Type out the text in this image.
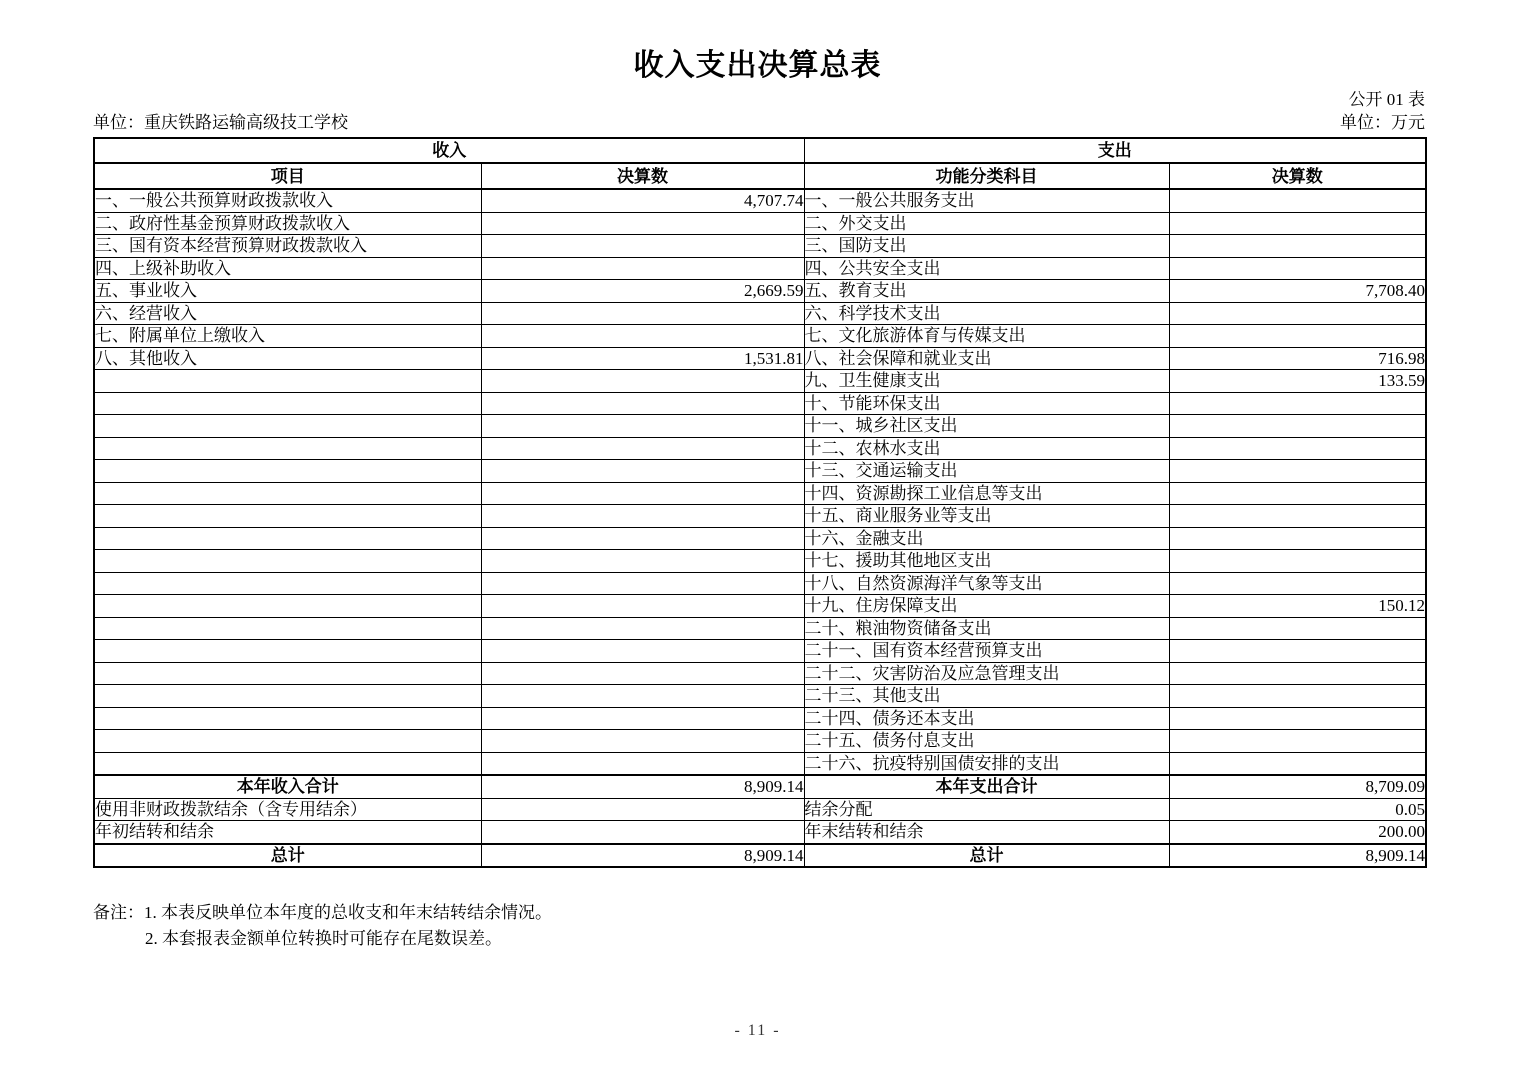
收入支出决算总表
公开 01 表
单位：重庆铁路运输高级技工学校	单位：万元
收入		支出	
项目	决算数	功能分类科目	决算数
一、一般公共预算财政拨款收入	4,707.74	一、一般公共服务支出	
二、政府性基金预算财政拨款收入		二、外交支出	
三、国有资本经营预算财政拨款收入		三、国防支出	
四、上级补助收入		四、公共安全支出	
五、事业收入	2,669.59	五、教育支出	7,708.40
六、经营收入		六、科学技术支出	
七、附属单位上缴收入		七、文化旅游体育与传媒支出	
八、其他收入	1,531.81	八、社会保障和就业支出	716.98
		九、卫生健康支出	133.59
		十、节能环保支出	
		十一、城乡社区支出	
		十二、农林水支出	
		十三、交通运输支出	
		十四、资源勘探工业信息等支出	
		十五、商业服务业等支出	
		十六、金融支出	
		十七、援助其他地区支出	
		十八、自然资源海洋气象等支出	
		十九、住房保障支出	150.12
		二十、粮油物资储备支出	
		二十一、国有资本经营预算支出	
		二十二、灾害防治及应急管理支出	
		二十三、其他支出	
		二十四、债务还本支出	
		二十五、债务付息支出	
		二十六、抗疫特别国债安排的支出	
本年收入合计	8,909.14	本年支出合计	8,709.09
使用非财政拨款结余（含专用结余）		结余分配	0.05
年初结转和结余		年末结转和结余	200.00
总计	8,909.14	总计	8,909.14
备注：1. 本表反映单位本年度的总收支和年末结转结余情况。
2. 本套报表金额单位转换时可能存在尾数误差。
- 11 -
